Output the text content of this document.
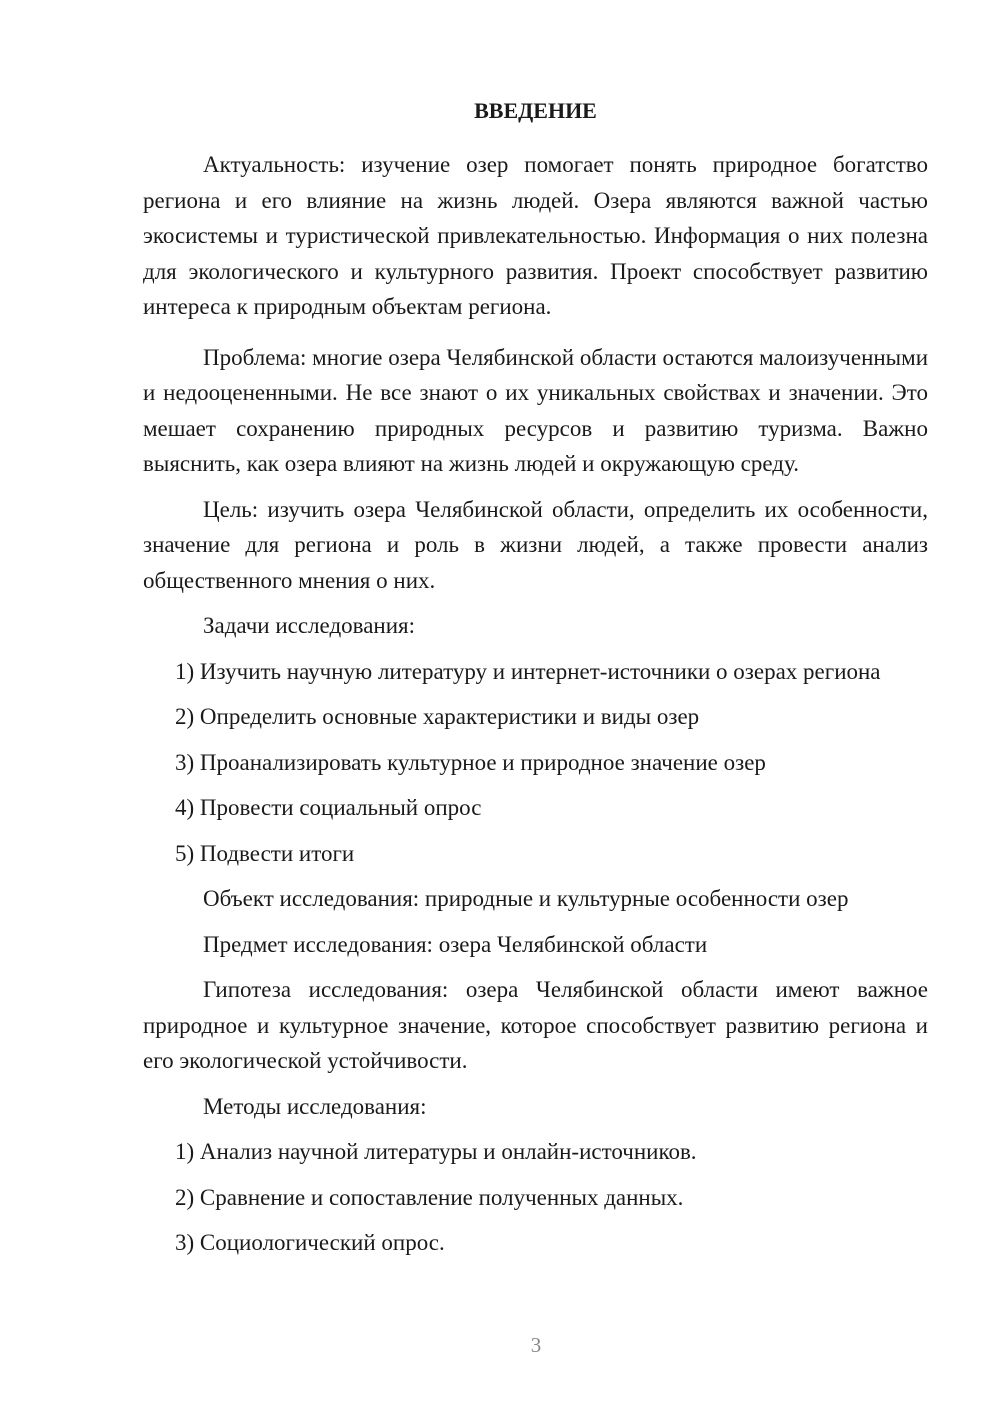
ВВЕДЕНИЕ

Актуальность: изучение озер помогает понять природное богатство региона и его влияние на жизнь людей. Озера являются важной частью экосистемы и туристической привлекательностью. Информация о них полезна для экологического и культурного развития. Проект способствует развитию интереса к природным объектам региона.

Проблема: многие озера Челябинской области остаются малоизученными и недооцененными. Не все знают о их уникальных свойствах и значении. Это мешает сохранению природных ресурсов и развитию туризма. Важно выяснить, как озера влияют на жизнь людей и окружающую среду.

Цель: изучить озера Челябинской области, определить их особенности, значение для региона и роль в жизни людей, а также провести анализ общественного мнения о них.

Задачи исследования:

1) Изучить научную литературу и интернет-источники о озерах региона

2) Определить основные характеристики и виды озер

3) Проанализировать культурное и природное значение озер

4) Провести социальный опрос

5) Подвести итоги

Объект исследования: природные и культурные особенности озер

Предмет исследования: озера Челябинской области

Гипотеза исследования: озера Челябинской области имеют важное природное и культурное значение, которое способствует развитию региона и его экологической устойчивости.

Методы исследования:

1) Анализ научной литературы и онлайн-источников.

2) Сравнение и сопоставление полученных данных.

3) Социологический опрос.

3
